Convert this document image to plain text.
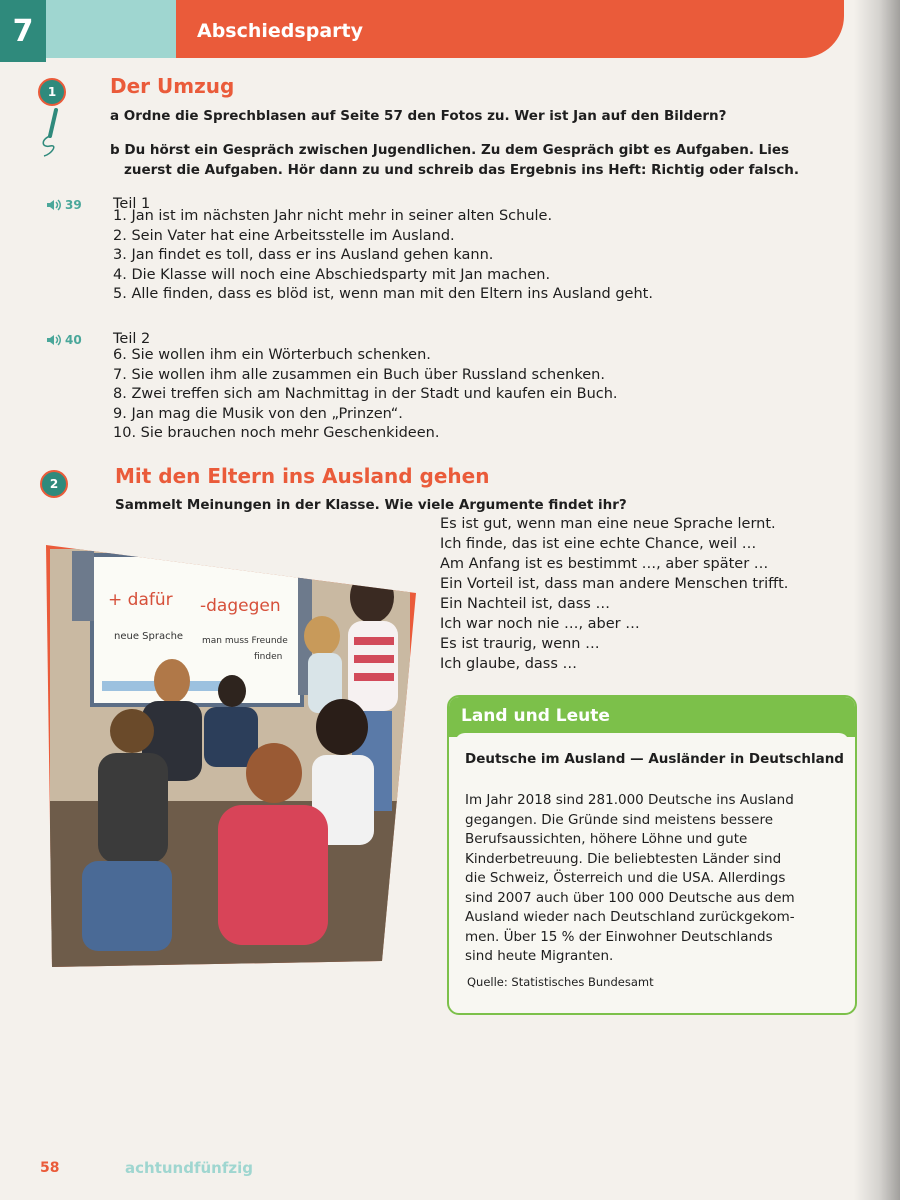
7	Abschiedsparty
1	Der Umzug
a Ordne die Sprechblasen auf Seite 57 den Fotos zu. Wer ist Jan auf den Bildern?
b Du hörst ein Gespräch zwischen Jugendlichen. Zu dem Gespräch gibt es Aufgaben. Lies
zuerst die Aufgaben. Hör dann zu und schreib das Ergebnis ins Heft: Richtig oder falsch.
39 Teil 1
1. Jan ist im nächsten Jahr nicht mehr in seiner alten Schule.
2. Sein Vater hat eine Arbeitsstelle im Ausland.
3. Jan findet es toll, dass er ins Ausland gehen kann.
4. Die Klasse will noch eine Abschiedsparty mit Jan machen.
5. Alle finden, dass es blöd ist, wenn man mit den Eltern ins Ausland geht.
40 Teil 2
6. Sie wollen ihm ein Wörterbuch schenken.
7. Sie wollen ihm alle zusammen ein Buch über Russland schenken.
8. Zwei treffen sich am Nachmittag in der Stadt und kaufen ein Buch.
9. Jan mag die Musik von den „Prinzen“.
10. Sie brauchen noch mehr Geschenkideen.
2	Mit den Eltern ins Ausland gehen
Sammelt Meinungen in der Klasse. Wie viele Argumente findet ihr?
+ dafür -dagegen
neue Sprache man muss Freunde
finden
Es ist gut, wenn man eine neue Sprache lernt.
Ich finde, das ist eine echte Chance, weil …
Am Anfang ist es bestimmt …, aber später …
Ein Vorteil ist, dass man andere Menschen trifft.
Ein Nachteil ist, dass …
Ich war noch nie …, aber …
Es ist traurig, wenn …
Ich glaube, dass …
Land und Leute
Deutsche im Ausland — Ausländer in Deutschland
Im Jahr 2018 sind 281.000 Deutsche ins Ausland
gegangen. Die Gründe sind meistens bessere
Berufsaussichten, höhere Löhne und gute
Kinderbetreuung. Die beliebtesten Länder sind
die Schweiz, Österreich und die USA. Allerdings
sind 2007 auch über 100 000 Deutsche aus dem
Ausland wieder nach Deutschland zurückgekom-
men. Über 15 % der Einwohner Deutschlands
sind heute Migranten.
Quelle: Statistisches Bundesamt
58	achtundfünfzig
